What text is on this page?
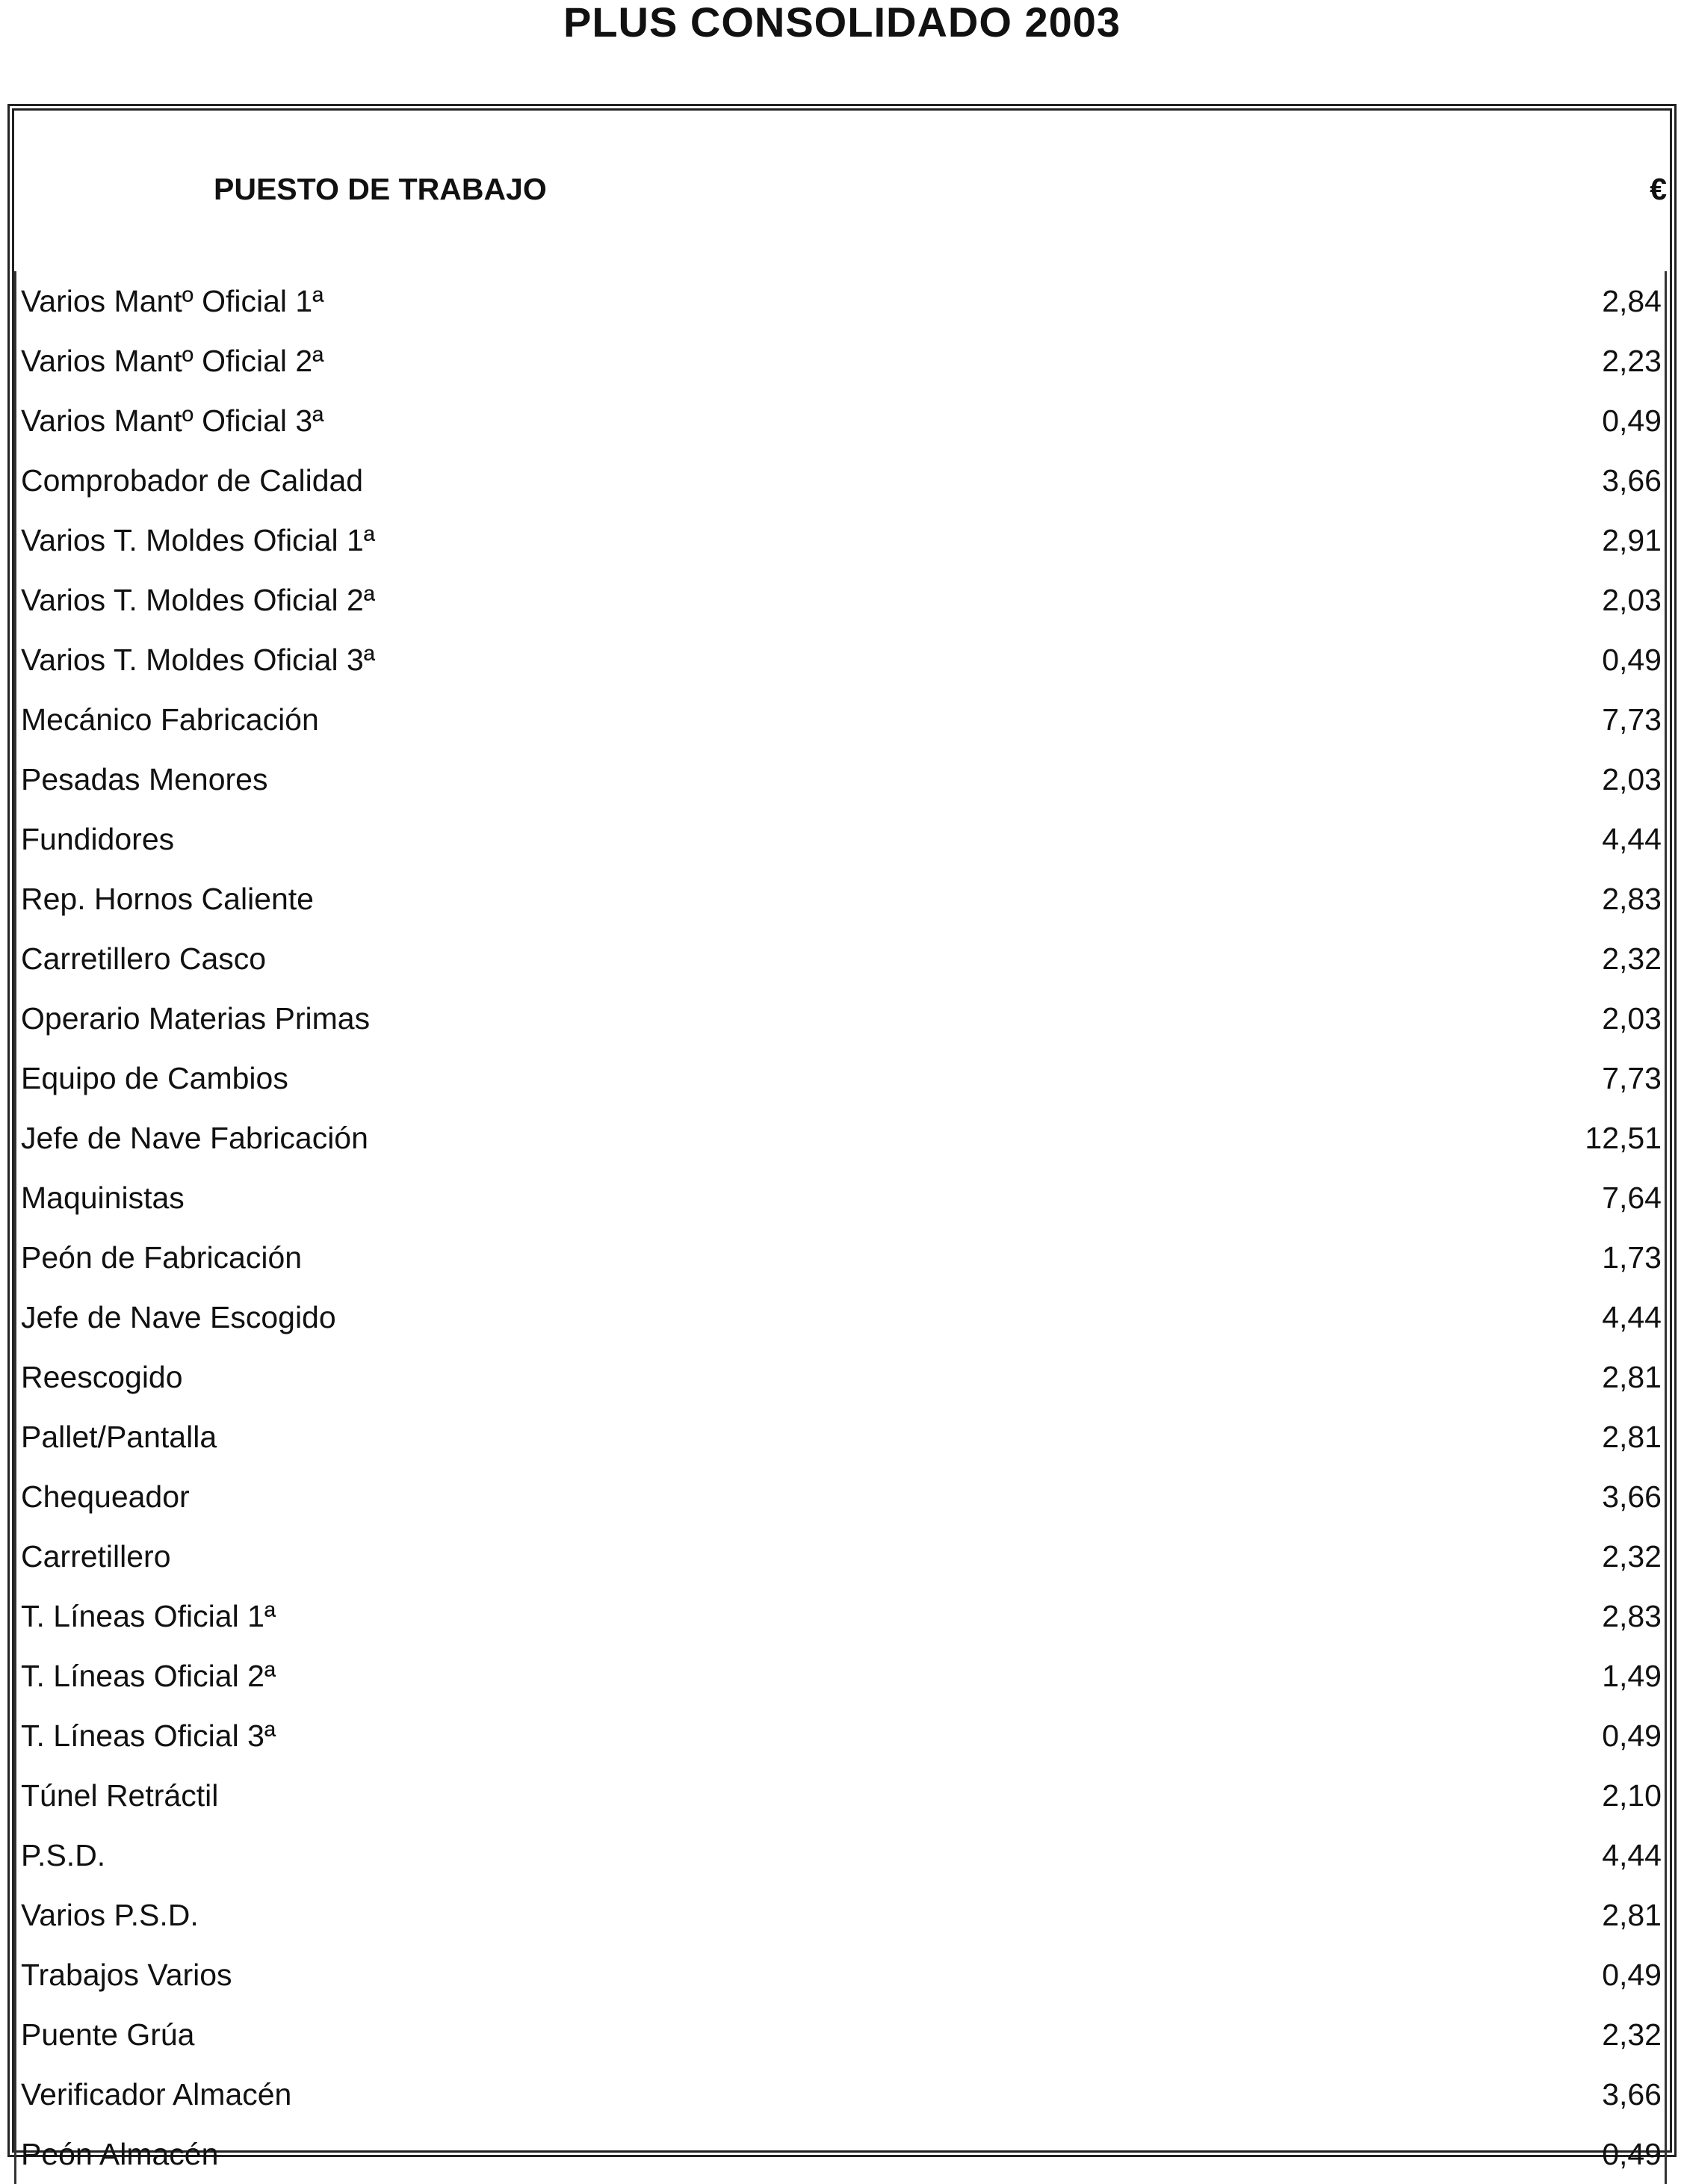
PLUS CONSOLIDADO 2003
PUESTO DE TRABAJO	€
Varios Mantº Oficial 1ª	2,84
Varios Mantº Oficial 2ª	2,23
Varios Mantº Oficial 3ª	0,49
Comprobador de Calidad	3,66
Varios T. Moldes Oficial 1ª	2,91
Varios T. Moldes Oficial 2ª	2,03
Varios T. Moldes Oficial 3ª	0,49
Mecánico Fabricación	7,73
Pesadas Menores	2,03
Fundidores	4,44
Rep. Hornos Caliente	2,83
Carretillero Casco	2,32
Operario Materias Primas	2,03
Equipo de Cambios	7,73
Jefe de Nave Fabricación	12,51
Maquinistas	7,64
Peón de Fabricación	1,73
Jefe de Nave Escogido	4,44
Reescogido	2,81
Pallet/Pantalla	2,81
Chequeador	3,66
Carretillero	2,32
T. Líneas Oficial 1ª	2,83
T. Líneas Oficial 2ª	1,49
T. Líneas Oficial 3ª	0,49
Túnel Retráctil	2,10
P.S.D.	4,44
Varios P.S.D.	2,81
Trabajos Varios	0,49
Puente Grúa	2,32
Verificador Almacén	3,66
Peón Almacén	0,49
